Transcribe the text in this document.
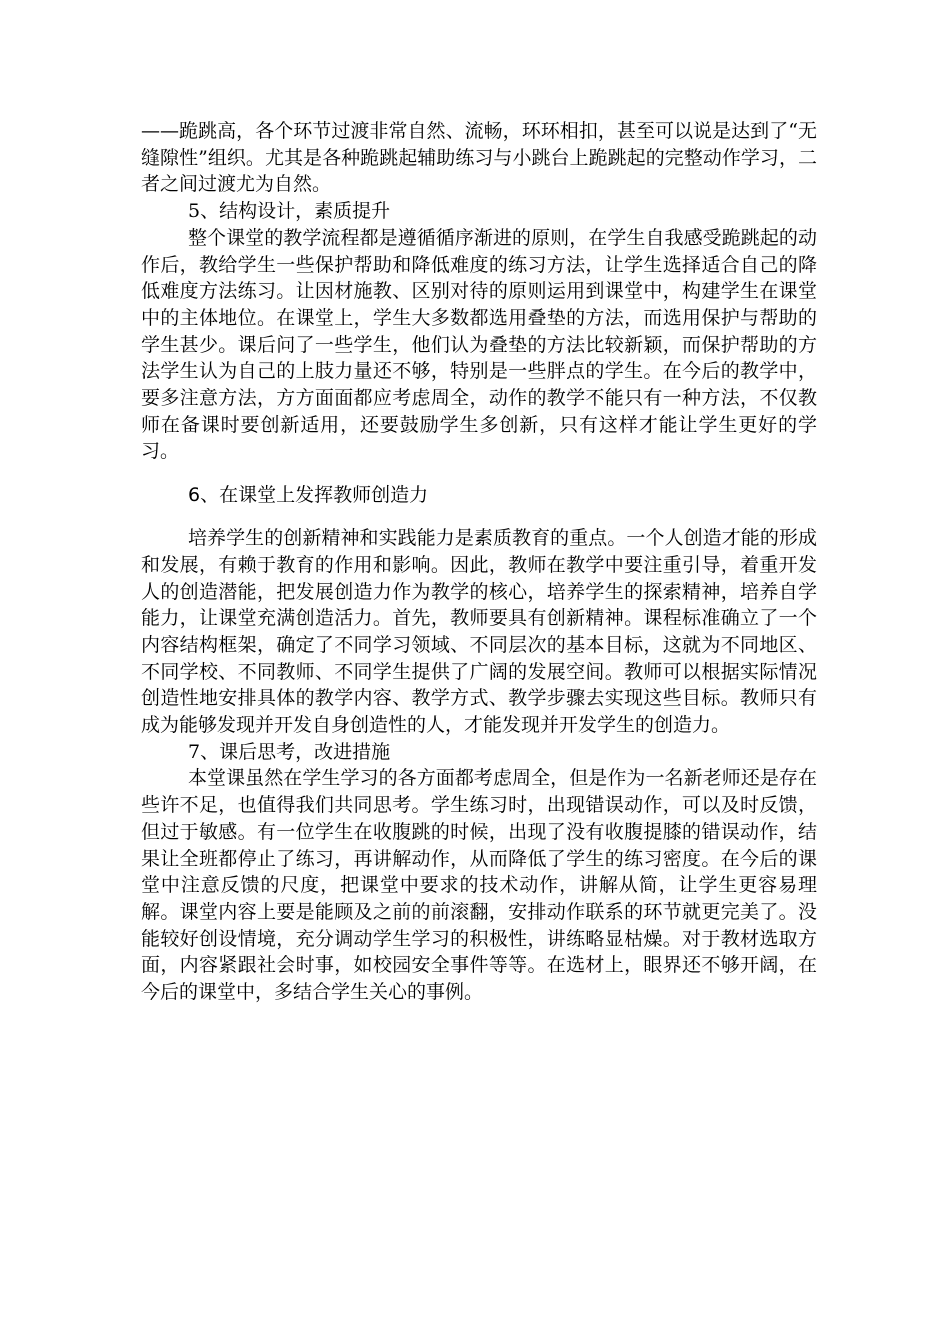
——跪跳高，各个环节过渡非常自然、流畅，环环相扣，甚至可以说是达到了“无缝隙性”组织。尤其是各种跪跳起辅助练习与小跳台上跪跳起的完整动作学习，二者之间过渡尤为自然。

5、结构设计，素质提升

整个课堂的教学流程都是遵循循序渐进的原则，在学生自我感受跪跳起的动作后，教给学生一些保护帮助和降低难度的练习方法，让学生选择适合自己的降低难度方法练习。让因材施教、区别对待的原则运用到课堂中，构建学生在课堂中的主体地位。在课堂上，学生大多数都选用叠垫的方法，而选用保护与帮助的学生甚少。课后问了一些学生，他们认为叠垫的方法比较新颖，而保护帮助的方法学生认为自己的上肢力量还不够，特别是一些胖点的学生。在今后的教学中，要多注意方法，方方面面都应考虑周全，动作的教学不能只有一种方法，不仅教师在备课时要创新适用，还要鼓励学生多创新，只有这样才能让学生更好的学习。

6、在课堂上发挥教师创造力

培养学生的创新精神和实践能力是素质教育的重点。一个人创造才能的形成和发展，有赖于教育的作用和影响。因此，教师在教学中要注重引导，着重开发人的创造潜能，把发展创造力作为教学的核心，培养学生的探索精神，培养自学能力，让课堂充满创造活力。首先，教师要具有创新精神。课程标准确立了一个内容结构框架，确定了不同学习领域、不同层次的基本目标，这就为不同地区、不同学校、不同教师、不同学生提供了广阔的发展空间。教师可以根据实际情况创造性地安排具体的教学内容、教学方式、教学步骤去实现这些目标。教师只有成为能够发现并开发自身创造性的人，才能发现并开发学生的创造力。

7、课后思考，改进措施

本堂课虽然在学生学习的各方面都考虑周全，但是作为一名新老师还是存在些许不足，也值得我们共同思考。学生练习时，出现错误动作，可以及时反馈，但过于敏感。有一位学生在收腹跳的时候，出现了没有收腹提膝的错误动作，结果让全班都停止了练习，再讲解动作，从而降低了学生的练习密度。在今后的课堂中注意反馈的尺度，把课堂中要求的技术动作，讲解从简，让学生更容易理解。课堂内容上要是能顾及之前的前滚翻，安排动作联系的环节就更完美了。没能较好创设情境，充分调动学生学习的积极性，讲练略显枯燥。对于教材选取方面，内容紧跟社会时事，如校园安全事件等等。在选材上，眼界还不够开阔，在今后的课堂中，多结合学生关心的事例。
